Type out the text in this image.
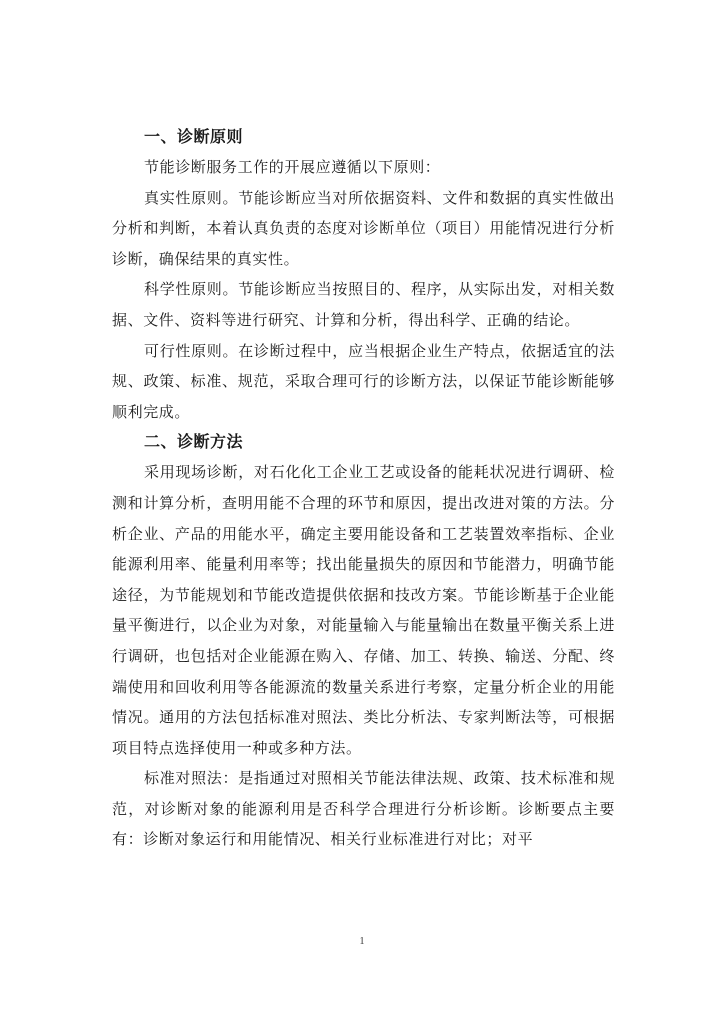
一、诊断原则

节能诊断服务工作的开展应遵循以下原则：

真实性原则。节能诊断应当对所依据资料、文件和数据的真实性做出分析和判断，本着认真负责的态度对诊断单位（项目）用能情况进行分析诊断，确保结果的真实性。

科学性原则。节能诊断应当按照目的、程序，从实际出发，对相关数据、文件、资料等进行研究、计算和分析，得出科学、正确的结论。

可行性原则。在诊断过程中，应当根据企业生产特点，依据适宜的法规、政策、标准、规范，采取合理可行的诊断方法，以保证节能诊断能够顺利完成。

二、诊断方法

采用现场诊断，对石化化工企业工艺或设备的能耗状况进行调研、检测和计算分析，查明用能不合理的环节和原因，提出改进对策的方法。分析企业、产品的用能水平，确定主要用能设备和工艺装置效率指标、企业能源利用率、能量利用率等；找出能量损失的原因和节能潜力，明确节能途径，为节能规划和节能改造提供依据和技改方案。节能诊断基于企业能量平衡进行，以企业为对象，对能量输入与能量输出在数量平衡关系上进行调研，也包括对企业能源在购入、存储、加工、转换、输送、分配、终端使用和回收利用等各能源流的数量关系进行考察，定量分析企业的用能情况。通用的方法包括标准对照法、类比分析法、专家判断法等，可根据项目特点选择使用一种或多种方法。

标准对照法：是指通过对照相关节能法律法规、政策、技术标准和规范，对诊断对象的能源利用是否科学合理进行分析诊断。诊断要点主要有：诊断对象运行和用能情况、相关行业标准进行对比；对平

1
